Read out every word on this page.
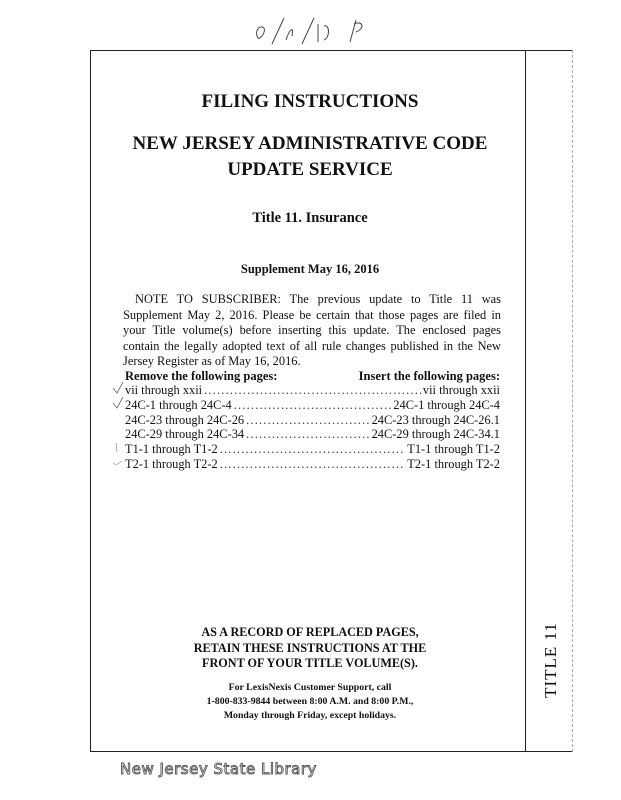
TITLE 11
FILING INSTRUCTIONS
NEW JERSEY ADMINISTRATIVE CODE
UPDATE SERVICE
Title 11. Insurance
Supplement May 16, 2016
NOTE TO SUBSCRIBER: The previous update to Title 11 was Supplement May 2, 2016. Please be certain that those pages are filed in your Title volume(s) before inserting this update. The enclosed pages contain the legally adopted text of all rule changes published in the New Jersey Register as of May 16, 2016.
Remove the following pages:	Insert the following pages:
vii through xxii .....	vii through xxii
24C-1 through 24C-4 .....	24C-1 through 24C-4
24C-23 through 24C-26 .....	24C-23 through 24C-26.1
24C-29 through 24C-34 .....	24C-29 through 24C-34.1
T1-1 through T1-2 .....	T1-1 through T1-2
T2-1 through T2-2 .....	T2-1 through T2-2
AS A RECORD OF REPLACED PAGES,
RETAIN THESE INSTRUCTIONS AT THE
FRONT OF YOUR TITLE VOLUME(S).
For LexisNexis Customer Support, call
1-800-833-9844 between 8:00 A.M. and 8:00 P.M.,
Monday through Friday, except holidays.
New Jersey State Library
